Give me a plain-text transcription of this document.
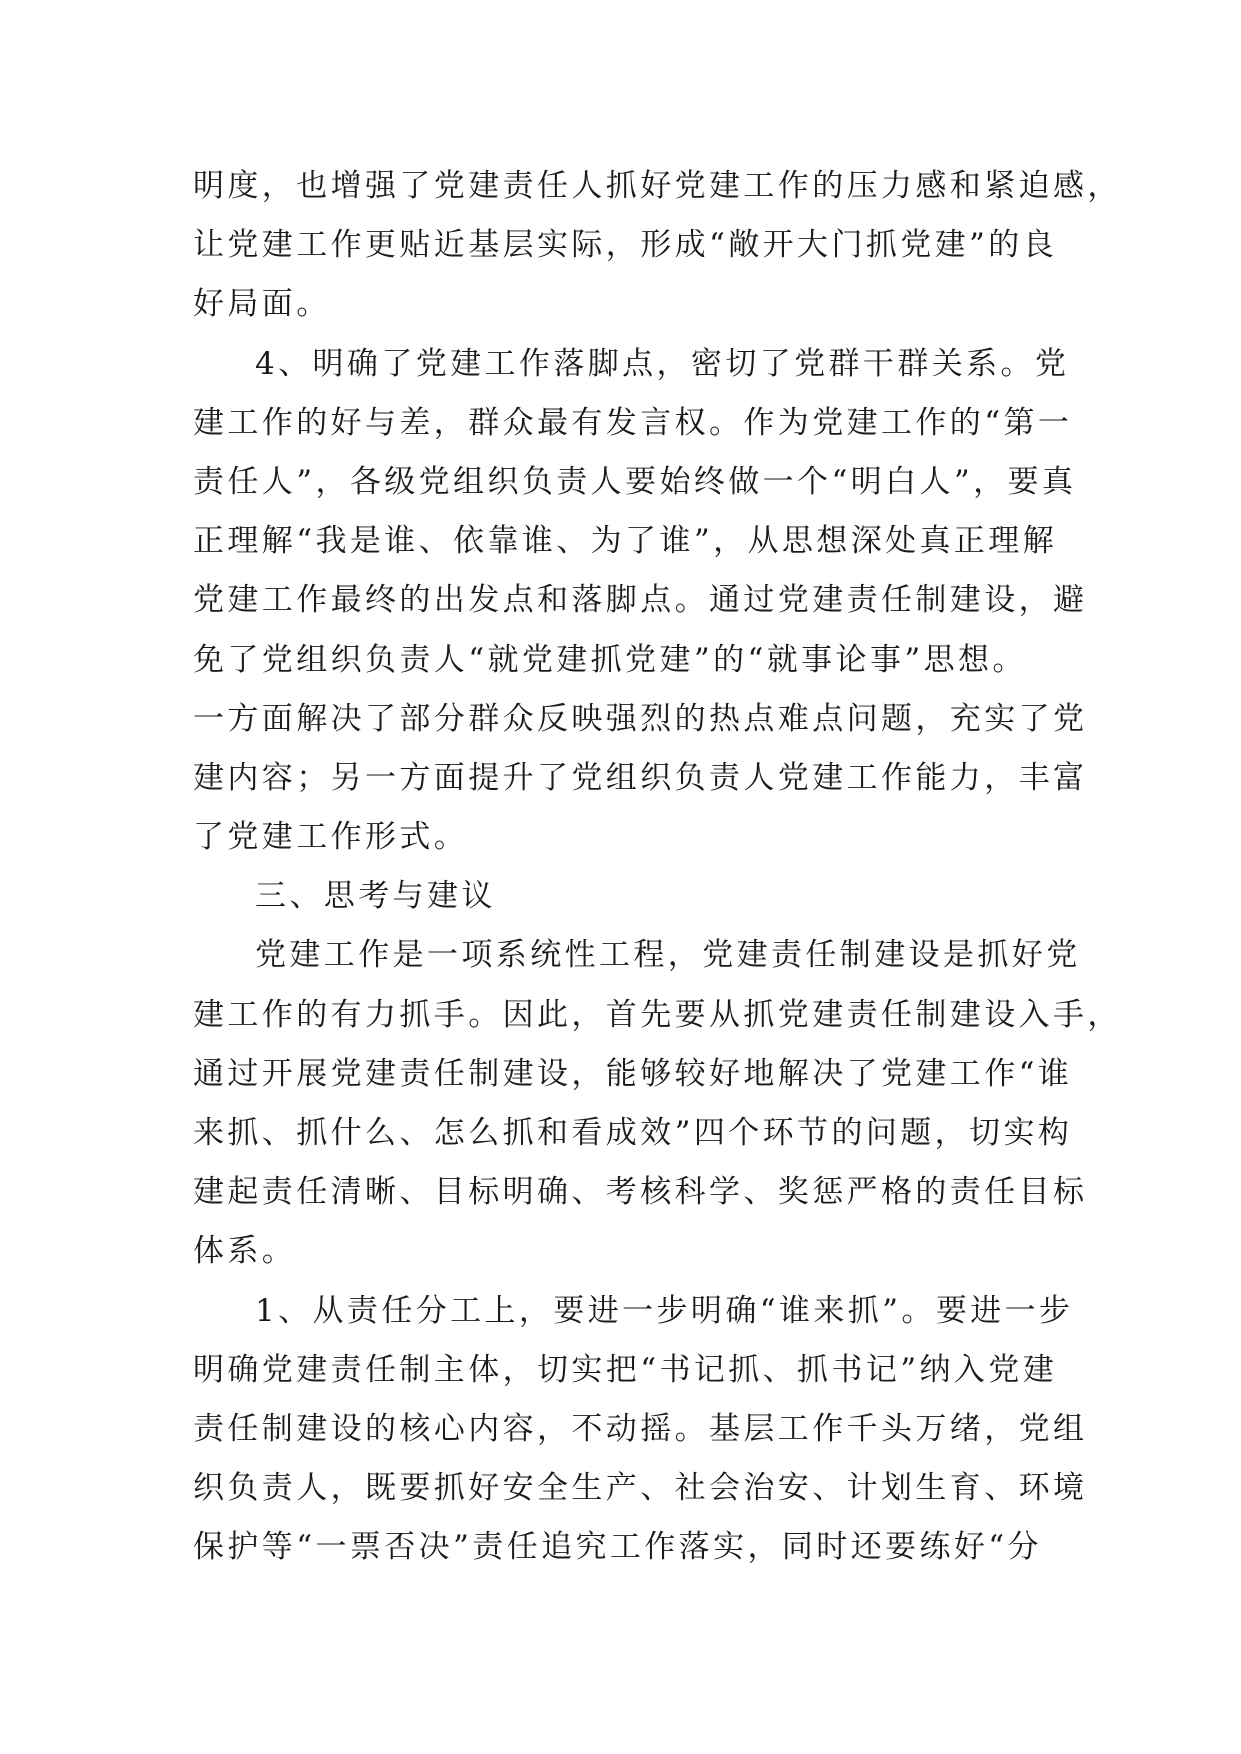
明度，也增强了党建责任人抓好党建工作的压力感和紧迫感，
让党建工作更贴近基层实际，形成“敞开大门抓党建”的良
好局面。
4、明确了党建工作落脚点，密切了党群干群关系。党
建工作的好与差，群众最有发言权。作为党建工作的“第一
责任人”，各级党组织负责人要始终做一个“明白人”，要真
正理解“我是谁、依靠谁、为了谁”，从思想深处真正理解
党建工作最终的出发点和落脚点。通过党建责任制建设，避
免了党组织负责人“就党建抓党建”的“就事论事”思想。
一方面解决了部分群众反映强烈的热点难点问题，充实了党
建内容；另一方面提升了党组织负责人党建工作能力，丰富
了党建工作形式。
三、思考与建议
党建工作是一项系统性工程，党建责任制建设是抓好党
建工作的有力抓手。因此，首先要从抓党建责任制建设入手，
通过开展党建责任制建设，能够较好地解决了党建工作“谁
来抓、抓什么、怎么抓和看成效”四个环节的问题，切实构
建起责任清晰、目标明确、考核科学、奖惩严格的责任目标
体系。
1、从责任分工上，要进一步明确“谁来抓”。要进一步
明确党建责任制主体，切实把“书记抓、抓书记”纳入党建
责任制建设的核心内容，不动摇。基层工作千头万绪，党组
织负责人，既要抓好安全生产、社会治安、计划生育、环境
保护等“一票否决”责任追究工作落实，同时还要练好“分
